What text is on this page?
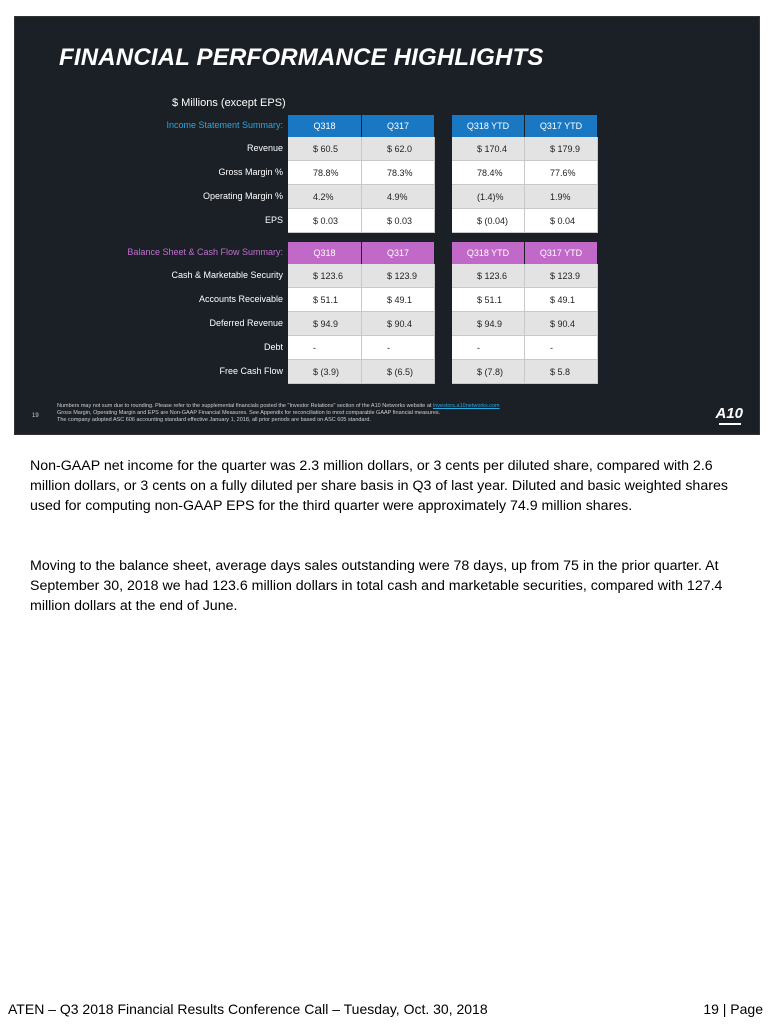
FINANCIAL PERFORMANCE HIGHLIGHTS
$ Millions (except EPS)
Income Statement Summary:	Q318	Q317	Q318 YTD	Q317 YTD
Revenue	$ 60.5	$ 62.0	$ 170.4	$ 179.9
Gross Margin %	78.8%	78.3%	78.4%	77.6%
Operating Margin %	4.2%	4.9%	(1.4)%	1.9%
EPS	$ 0.03	$ 0.03	$ (0.04)	$ 0.04
Balance Sheet & Cash Flow Summary:	Q318	Q317	Q318 YTD	Q317 YTD
Cash & Marketable Security	$ 123.6	$ 123.9	$ 123.6	$ 123.9
Accounts Receivable	$ 51.1	$ 49.1	$ 51.1	$ 49.1
Deferred Revenue	$ 94.9	$ 90.4	$ 94.9	$ 90.4
Debt	-	-	-	-
Free Cash Flow	$ (3.9)	$ (6.5)	$ (7.8)	$ 5.8
19
Numbers may not sum due to rounding. Please refer to the supplemental financials posted the "Investor Relations" section of the A10 Networks website at investors.a10networks.com
Gross Margin, Operating Margin and EPS are Non-GAAP Financial Measures. See Appendix for reconciliation to most comparable GAAP financial measures.
The company adopted ASC 606 accounting standard effective January 1, 2018, all prior periods are based on ASC 605 standard.	A10
Non-GAAP net income for the quarter was 2.3 million dollars, or 3 cents per diluted share, compared with 2.6 million dollars, or 3 cents on a fully diluted per share basis in Q3 of last year. Diluted and basic weighted shares used for computing non-GAAP EPS for the third quarter were approximately 74.9 million shares.
Moving to the balance sheet, average days sales outstanding were 78 days, up from 75 in the prior quarter. At September 30, 2018 we had 123.6 million dollars in total cash and marketable securities, compared with 127.4 million dollars at the end of June.
ATEN – Q3 2018 Financial Results Conference Call – Tuesday, Oct. 30, 2018	19 | Page
